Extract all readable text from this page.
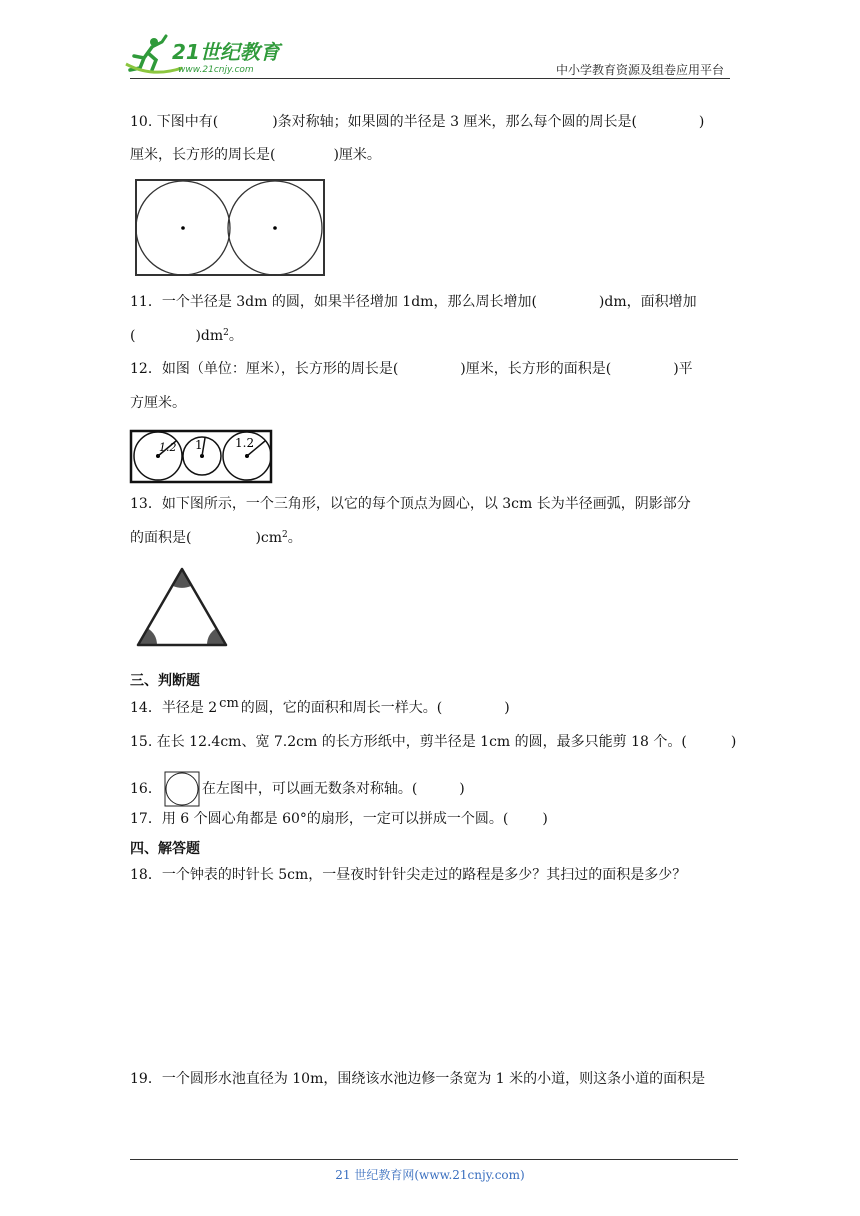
21世纪教育
www.21cnjy.com	中小学教育资源及组卷应用平台
10. 下图中有(	)条对称轴；如果圆的半径是 3 厘米，那么每个圆的周长是(	)
厘米，长方形的周长是(	)厘米。
11．一个半径是 3dm 的圆，如果半径增加 1dm，那么周长增加(	)dm，面积增加
(	)$dm^2$。
12．如图（单位：厘米），长方形的周长是(	)厘米，长方形的面积是(	)平
方厘米。
1.2 1	1.2
13．如下图所示，一个三角形，以它的每个顶点为圆心，以 3cm 长为半径画弧，阴影部分
的面积是(	)$cm^2$。
三、判断题
14．半径是 2 cm 的圆，它的面积和周长一样大。(	)
15. 在长 12.4cm、宽 7.2cm 的长方形纸中，剪半径是 1cm 的圆，最多只能剪 18 个。(	)
16．	在左图中，可以画无数条对称轴。(	)
17．用 6 个圆心角都是 60°的扇形，一定可以拼成一个圆。( )
四、解答题
18．一个钟表的时针长 5cm，一昼夜时针针尖走过的路程是多少？其扫过的面积是多少？
19．一个圆形水池直径为 10m，围绕该水池边修一条宽为 1 米的小道，则这条小道的面积是
21 世纪教育网(www.21cnjy.com)
